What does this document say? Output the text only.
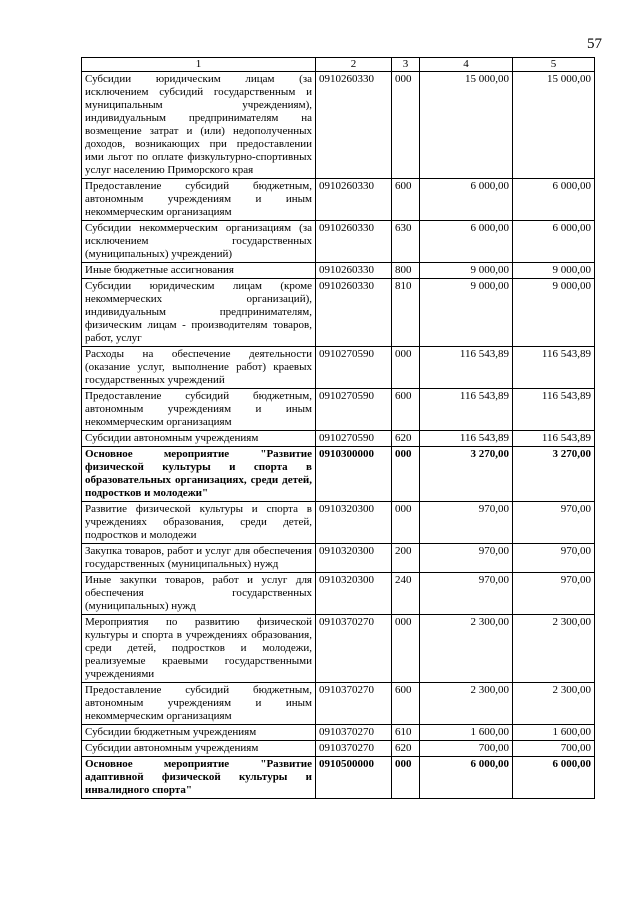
57
1	2	3	4	5
Субсидии юридическим лицам (за исключением субсидий государственным и муниципальным учреждениям), индивидуальным предпринимателям на возмещение затрат и (или) недополученных доходов, возникающих при предоставлении ими льгот по оплате физкультурно-спортивных услуг населению Приморского края	0910260330	000	15 000,00	15 000,00
Предоставление субсидий бюджетным, автономным учреждениям и иным некоммерческим организациям	0910260330	600	6 000,00	6 000,00
Субсидии некоммерческим организациям (за исключением государственных (муниципальных) учреждений)	0910260330	630	6 000,00	6 000,00
Иные бюджетные ассигнования	0910260330	800	9 000,00	9 000,00
Субсидии юридическим лицам (кроме некоммерческих организаций), индивидуальным предпринимателям, физическим лицам - производителям товаров, работ, услуг	0910260330	810	9 000,00	9 000,00
Расходы на обеспечение деятельности (оказание услуг, выполнение работ) краевых государственных учреждений	0910270590	000	116 543,89	116 543,89
Предоставление субсидий бюджетным, автономным учреждениям и иным некоммерческим организациям	0910270590	600	116 543,89	116 543,89
Субсидии автономным учреждениям	0910270590	620	116 543,89	116 543,89
Основное мероприятие "Развитие физической культуры и спорта в образовательных организациях, среди детей, подростков и молодежи"	0910300000	000	3 270,00	3 270,00
Развитие физической культуры и спорта в учреждениях образования, среди детей, подростков и молодежи	0910320300	000	970,00	970,00
Закупка товаров, работ и услуг для обеспечения государственных (муниципальных) нужд	0910320300	200	970,00	970,00
Иные закупки товаров, работ и услуг для обеспечения государственных (муниципальных) нужд	0910320300	240	970,00	970,00
Мероприятия по развитию физической культуры и спорта в учреждениях образования, среди детей, подростков и молодежи, реализуемые краевыми государственными учреждениями	0910370270	000	2 300,00	2 300,00
Предоставление субсидий бюджетным, автономным учреждениям и иным некоммерческим организациям	0910370270	600	2 300,00	2 300,00
Субсидии бюджетным учреждениям	0910370270	610	1 600,00	1 600,00
Субсидии автономным учреждениям	0910370270	620	700,00	700,00
Основное мероприятие "Развитие адаптивной физической культуры и инвалидного спорта"	0910500000	000	6 000,00	6 000,00
